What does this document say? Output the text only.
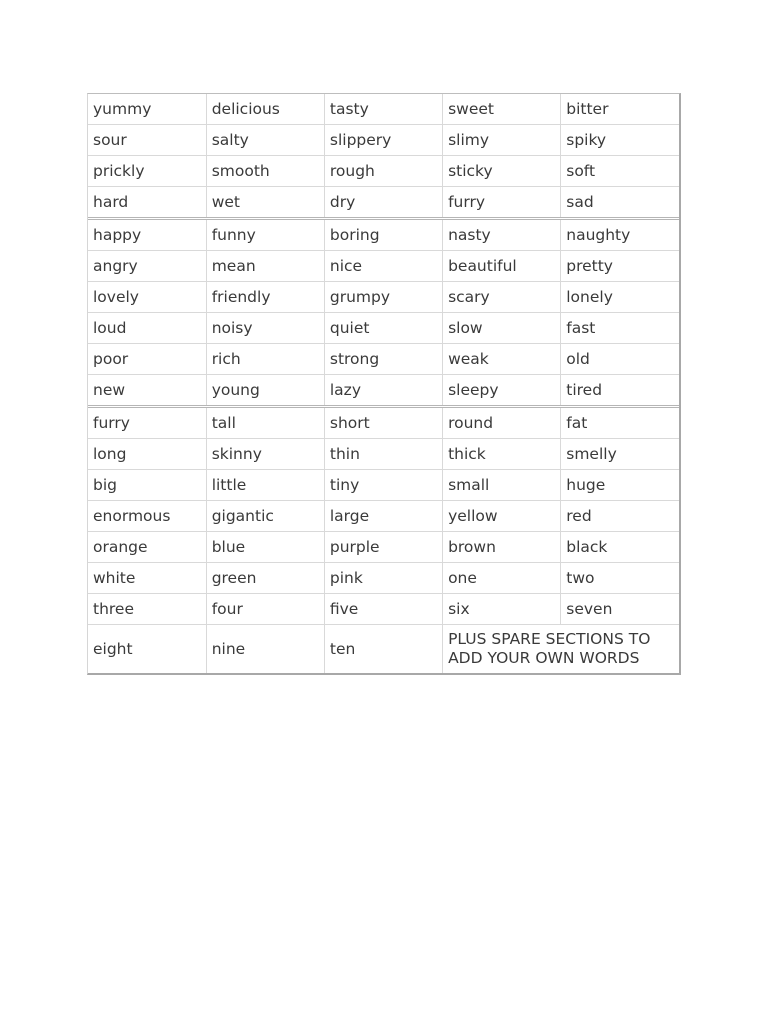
yummy	delicious	tasty	sweet	bitter
sour	salty	slippery	slimy	spiky
prickly	smooth	rough	sticky	soft
hard	wet	dry	furry	sad
happy	funny	boring	nasty	naughty
angry	mean	nice	beautiful	pretty
lovely	friendly	grumpy	scary	lonely
loud	noisy	quiet	slow	fast
poor	rich	strong	weak	old
new	young	lazy	sleepy	tired
furry	tall	short	round	fat
long	skinny	thin	thick	smelly
big	little	tiny	small	huge
enormous	gigantic	large	yellow	red
orange	blue	purple	brown	black
white	green	pink	one	two
three	four	five	six	seven
eight	nine	ten	PLUS SPARE SECTIONS TO ADD YOUR OWN WORDS	
